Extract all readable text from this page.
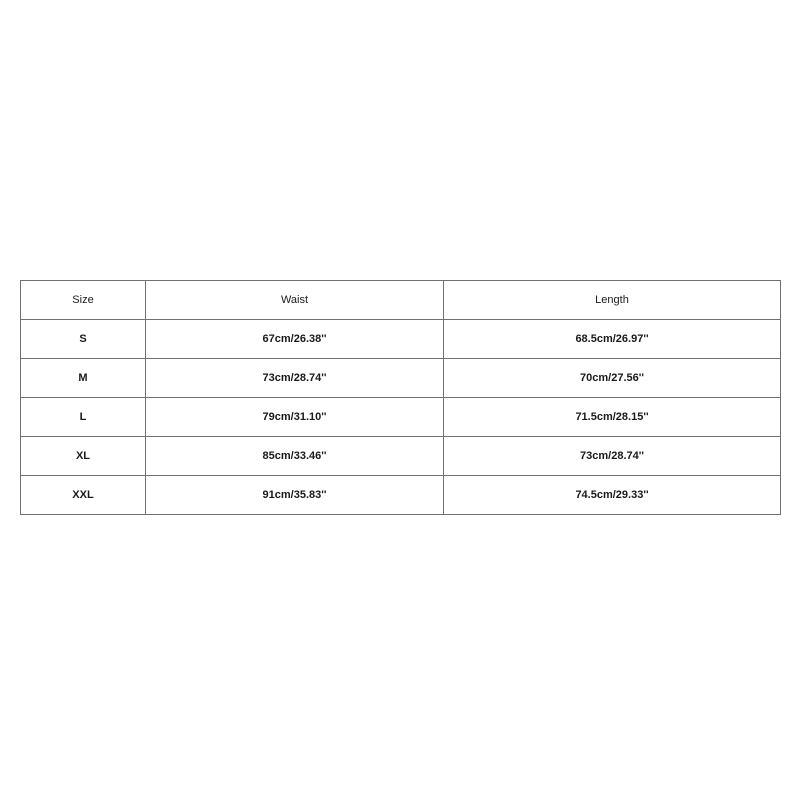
Size	Waist	Length
S	67cm/26.38''	68.5cm/26.97''
M	73cm/28.74''	70cm/27.56''
L	79cm/31.10''	71.5cm/28.15''
XL	85cm/33.46''	73cm/28.74''
XXL	91cm/35.83''	74.5cm/29.33''
